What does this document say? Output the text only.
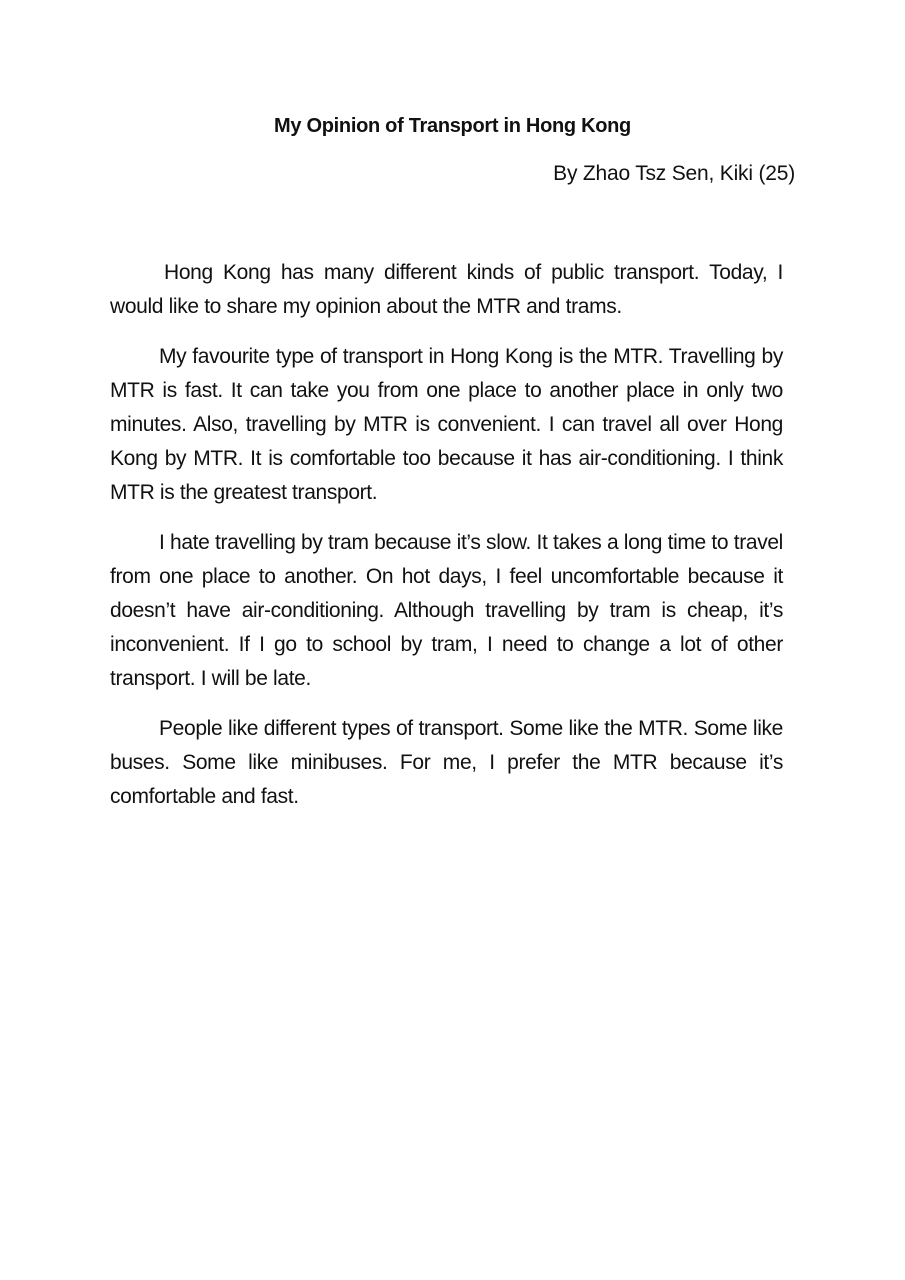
My Opinion of Transport in Hong Kong
By Zhao Tsz Sen, Kiki (25)

Hong Kong has many different kinds of public transport. Today, I would like to share my opinion about the MTR and trams.

My favourite type of transport in Hong Kong is the MTR. Travelling by MTR is fast. It can take you from one place to another place in only two minutes. Also, travelling by MTR is convenient. I can travel all over Hong Kong by MTR. It is comfortable too because it has air-conditioning. I think MTR is the greatest transport.

I hate travelling by tram because it’s slow. It takes a long time to travel from one place to another. On hot days, I feel uncomfortable because it doesn’t have air-conditioning. Although travelling by tram is cheap, it’s inconvenient. If I go to school by tram, I need to change a lot of other transport. I will be late.

People like different types of transport. Some like the MTR. Some like buses. Some like minibuses. For me, I prefer the MTR because it’s comfortable and fast.
